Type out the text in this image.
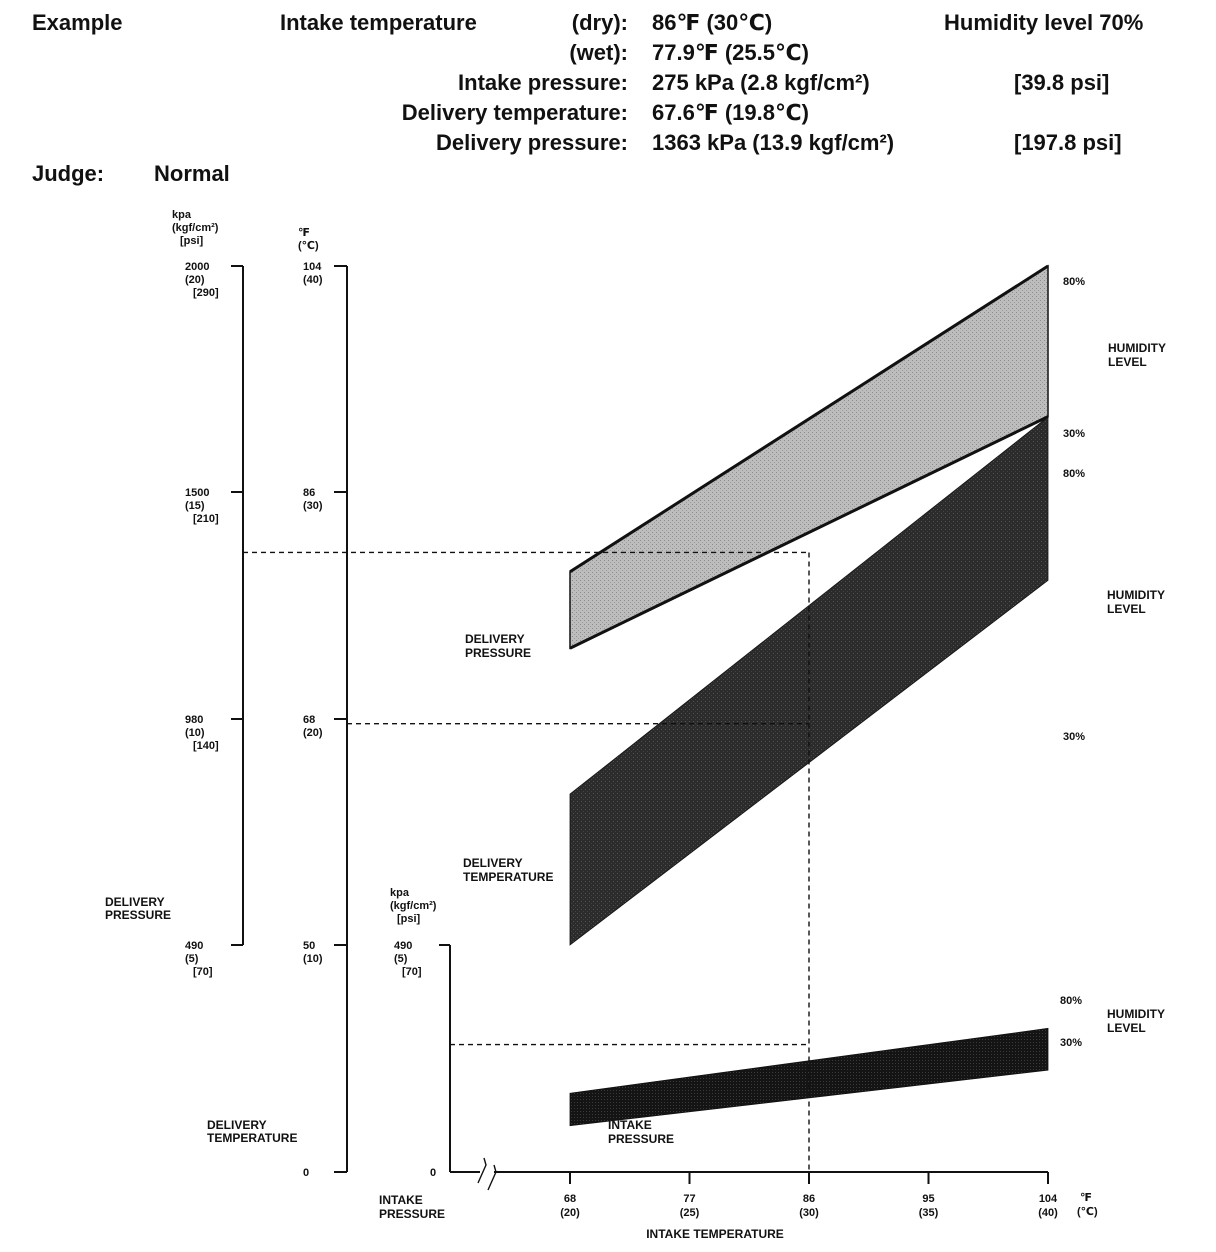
Example	Intake temperature	(dry): 86℉ (30℃)	Humidity level 70%
(wet): 77.9℉ (25.5℃)
Intake pressure: 275 kPa (2.8 kgf/cm²)	[39.8 psi]
Delivery temperature: 67.6℉ (19.8℃)
Delivery pressure: 1363 kPa (13.9 kgf/cm²)	[197.8 psi]
Judge: Normal
2000
(20)
[290]
1500
(15)
[210]
980
(10)
[140]
490
(5)
[70]
104
(40)
86
(30)
68
(20)
50
(10)
0
490
(5)
[70]
0
68
(20)
77
(25)
86
(30)
95
(35)
104
(40)
kpa
(kgf/cm²)
[psi]
℉
(℃)
kpa
(kgf/cm²)
[psi]
DELIVERY
PRESSURE
DELIVERY
TEMPERATURE
INTAKE
PRESSURE
℉
(℃)
INTAKE TEMPERATURE
DELIVERY
PRESSURE
DELIVERY
TEMPERATURE
INTAKE
PRESSURE
80%
30%
80%
30%
80%
30%
HUMIDITY
LEVEL
HUMIDITY
LEVEL
HUMIDITY
LEVEL
